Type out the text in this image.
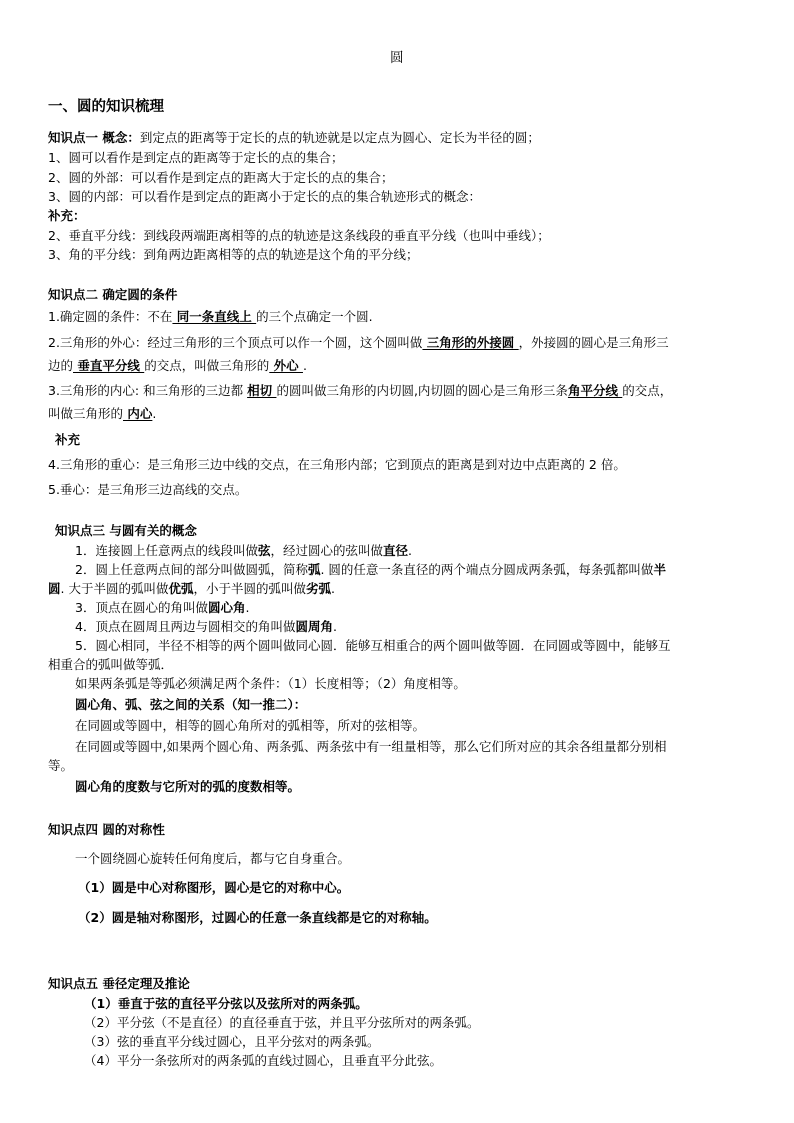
圆
一、圆的知识梳理
知识点一 概念：到定点的距离等于定长的点的轨迹就是以定点为圆心、定长为半径的圆；
1、圆可以看作是到定点的距离等于定长的点的集合；
2、圆的外部：可以看作是到定点的距离大于定长的点的集合；
3、圆的内部：可以看作是到定点的距离小于定长的点的集合轨迹形式的概念：
补充：
2、垂直平分线：到线段两端距离相等的点的轨迹是这条线段的垂直平分线（也叫中垂线）；
3、角的平分线：到角两边距离相等的点的轨迹是这个角的平分线；
知识点二 确定圆的条件
1.确定圆的条件：不在 同一条直线上 的三个点确定一个圆.
2.三角形的外心：经过三角形的三个顶点可以作一个圆，这个圆叫做 三角形的外接圆 ，外接圆的圆心是三角形三
边的 垂直平分线 的交点，叫做三角形的 外心 .
3.三角形的内心: 和三角形的三边都 相切 的圆叫做三角形的内切圆,内切圆的圆心是三角形三条角平分线 的交点，
叫做三角形的 内心.
补充
4.三角形的重心：是三角形三边中线的交点，在三角形内部；它到顶点的距离是到对边中点距离的 2 倍。
5.垂心：是三角形三边高线的交点。
知识点三 与圆有关的概念
1．连接圆上任意两点的线段叫做弦，经过圆心的弦叫做直径.
2．圆上任意两点间的部分叫做圆弧，简称弧. 圆的任意一条直径的两个端点分圆成两条弧，每条弧都叫做半
圆. 大于半圆的弧叫做优弧，小于半圆的弧叫做劣弧.
3．顶点在圆心的角叫做圆心角.
4．顶点在圆周且两边与圆相交的角叫做圆周角.
5．圆心相同，半径不相等的两个圆叫做同心圆．能够互相重合的两个圆叫做等圆．在同圆或等圆中，能够互
相重合的弧叫做等弧．
如果两条弧是等弧必须满足两个条件：（1）长度相等；（2）角度相等。
圆心角、弧、弦之间的关系（知一推二）：
在同圆或等圆中，相等的圆心角所对的弧相等，所对的弦相等。
在同圆或等圆中,如果两个圆心角、两条弧、两条弦中有一组量相等，那么它们所对应的其余各组量都分别相
等。
圆心角的度数与它所对的弧的度数相等。
知识点四 圆的对称性
一个圆绕圆心旋转任何角度后，都与它自身重合。
（1）圆是中心对称图形，圆心是它的对称中心。
（2）圆是轴对称图形，过圆心的任意一条直线都是它的对称轴。
知识点五 垂径定理及推论
（1）垂直于弦的直径平分弦以及弦所对的两条弧。
（2）平分弦（不是直径）的直径垂直于弦，并且平分弦所对的两条弧。
（3）弦的垂直平分线过圆心，且平分弦对的两条弧。
（4）平分一条弦所对的两条弧的直线过圆心，且垂直平分此弦。
